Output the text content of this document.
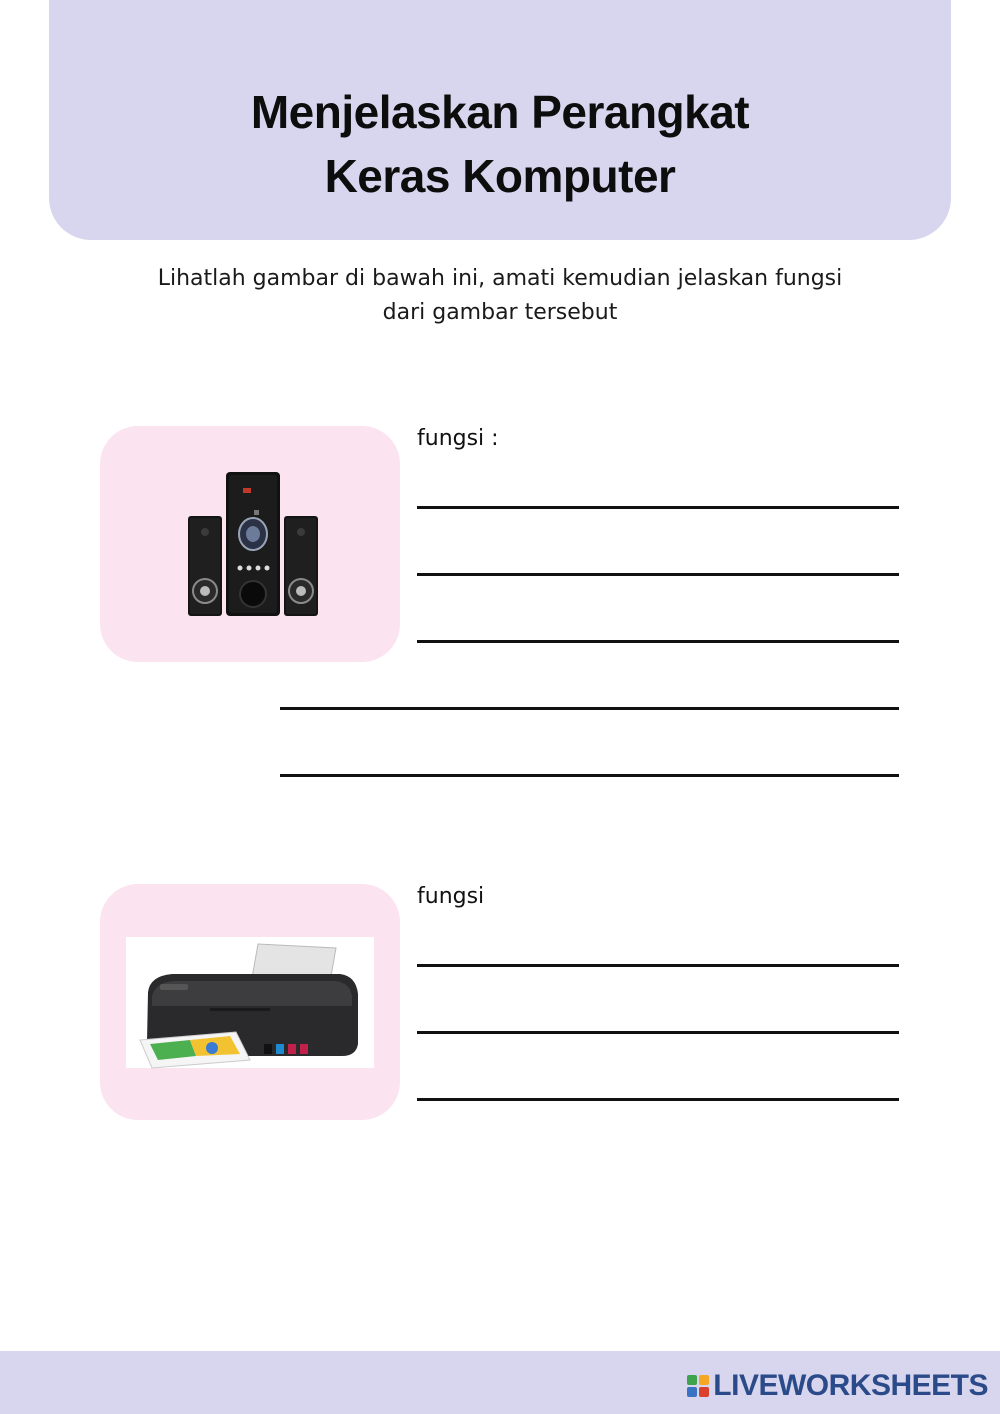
Menjelaskan Perangkat
Keras Komputer

Lihatlah gambar di bawah ini, amati kemudian jelaskan fungsi
dari gambar tersebut

fungsi :
fungsi
LIVEWORKSHEETS
